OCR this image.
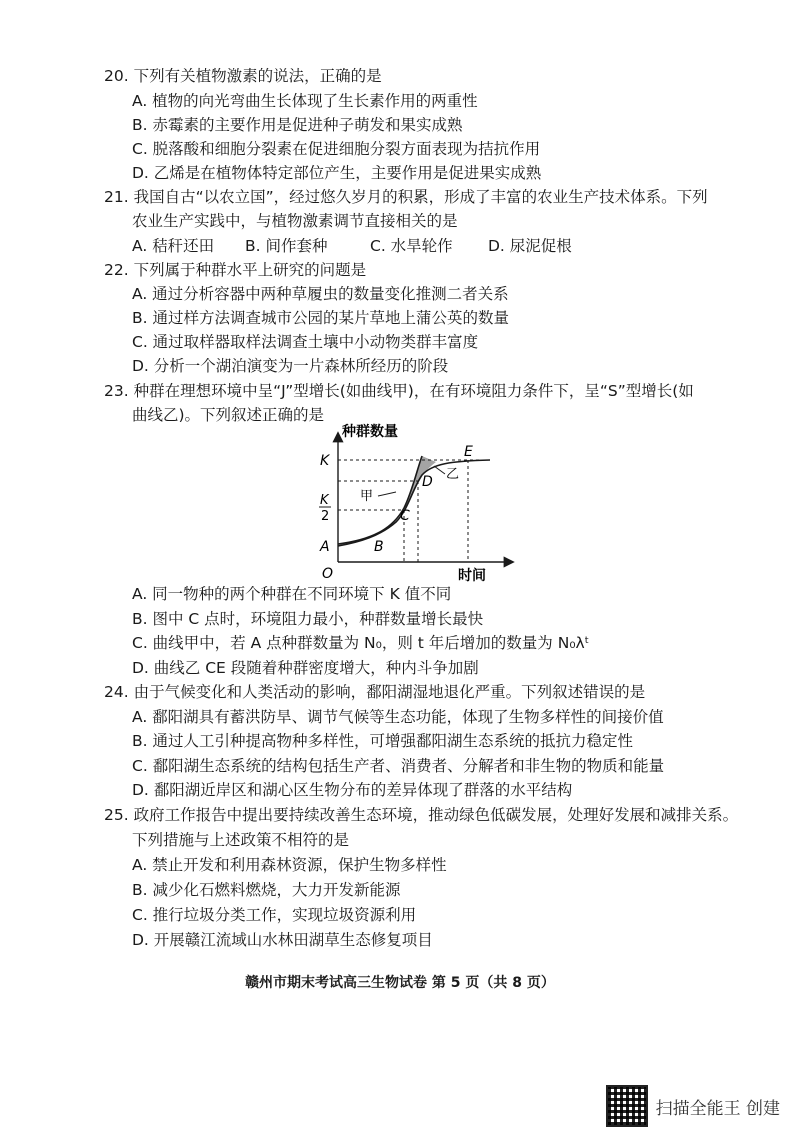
20. 下列有关植物激素的说法，正确的是
A. 植物的向光弯曲生长体现了生长素作用的两重性
B. 赤霉素的主要作用是促进种子萌发和果实成熟
C. 脱落酸和细胞分裂素在促进细胞分裂方面表现为拮抗作用
D. 乙烯是在植物体特定部位产生，主要作用是促进果实成熟
21. 我国自古“以农立国”，经过悠久岁月的积累，形成了丰富的农业生产技术体系。下列
农业生产实践中，与植物激素调节直接相关的是
A. 秸秆还田 B. 间作套种	C. 水旱轮作 D. 尿泥促根
22. 下列属于种群水平上研究的问题是
A. 通过分析容器中两种草履虫的数量变化推测二者关系
B. 通过样方法调查城市公园的某片草地上蒲公英的数量
C. 通过取样器取样法调查土壤中小动物类群丰富度
D. 分析一个湖泊演变为一片森林所经历的阶段
23. 种群在理想环境中呈“J”型增长(如曲线甲)，在有环境阻力条件下，呈“S”型增长(如
曲线乙)。下列叙述正确的是
种群数量
时间
O
K
K
2
A	B
C
D
E
甲
乙
A. 同一物种的两个种群在不同环境下 K 值不同
B. 图中 C 点时，环境阻力最小，种群数量增长最快
C. 曲线甲中，若 A 点种群数量为 N₀，则 t 年后增加的数量为 N₀λᵗ
D. 曲线乙 CE 段随着种群密度增大，种内斗争加剧
24. 由于气候变化和人类活动的影响，鄱阳湖湿地退化严重。下列叙述错误的是
A. 鄱阳湖具有蓄洪防旱、调节气候等生态功能，体现了生物多样性的间接价值
B. 通过人工引种提高物种多样性，可增强鄱阳湖生态系统的抵抗力稳定性
C. 鄱阳湖生态系统的结构包括生产者、消费者、分解者和非生物的物质和能量
D. 鄱阳湖近岸区和湖心区生物分布的差异体现了群落的水平结构
25. 政府工作报告中提出要持续改善生态环境，推动绿色低碳发展，处理好发展和减排关系。
下列措施与上述政策不相符的是
A. 禁止开发和利用森林资源，保护生物多样性
B. 减少化石燃料燃烧，大力开发新能源
C. 推行垃圾分类工作，实现垃圾资源利用
D. 开展赣江流域山水林田湖草生态修复项目
赣州市期末考试高三生物试卷 第 5 页（共 8 页）
扫描全能王 创建
